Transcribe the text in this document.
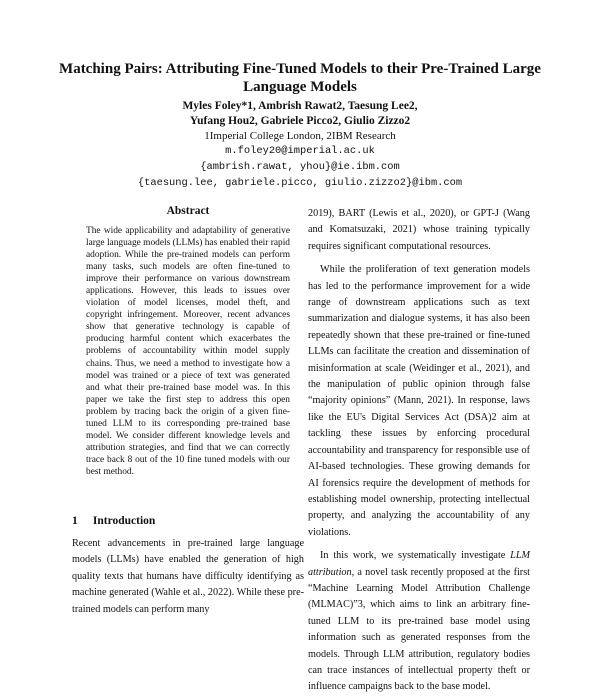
Matching Pairs: Attributing Fine-Tuned Models to their Pre-Trained Large Language Models
Myles Foley*1, Ambrish Rawat2, Taesung Lee2,
Yufang Hou2, Gabriele Picco2, Giulio Zizzo2
1Imperial College London, 2IBM Research
m.foley20@imperial.ac.uk
{ambrish.rawat, yhou}@ie.ibm.com
{taesung.lee, gabriele.picco, giulio.zizzo2}@ibm.com
Abstract
The wide applicability and adaptability of generative large language models (LLMs) has enabled their rapid adoption. While the pre-trained models can perform many tasks, such models are often fine-tuned to improve their performance on various downstream applications. However, this leads to issues over violation of model licenses, model theft, and copyright infringement. Moreover, recent advances show that generative technology is capable of producing harmful content which exacerbates the problems of accountability within model supply chains. Thus, we need a method to investigate how a model was trained or a piece of text was generated and what their pre-trained base model was. In this paper we take the first step to address this open problem by tracing back the origin of a given fine-tuned LLM to its corresponding pre-trained base model. We consider different knowledge levels and attribution strategies, and find that we can correctly trace back 8 out of the 10 fine tuned models with our best method.
1 Introduction

Recent advancements in pre-trained large language models (LLMs) have enabled the generation of high quality texts that humans have difficulty identifying as machine generated (Wahle et al., 2022). While these pre-trained models can perform many

2019), BART (Lewis et al., 2020), or GPT-J (Wang and Komatsuzaki, 2021) whose training typically requires significant computational resources.

While the proliferation of text generation models has led to the performance improvement for a wide range of downstream applications such as text summarization and dialogue systems, it has also been repeatedly shown that these pre-trained or fine-tuned LLMs can facilitate the creation and dissemination of misinformation at scale (Weidinger et al., 2021), and the manipulation of public opinion through false “majority opinions” (Mann, 2021). In response, laws like the EU's Digital Services Act (DSA)2 aim at tackling these issues by enforcing procedural accountability and transparency for responsible use of AI-based technologies. These growing demands for AI forensics require the development of methods for establishing model ownership, protecting intellectual property, and analyzing the accountability of any violations.

In this work, we systematically investigate LLM attribution, a novel task recently proposed at the first “Machine Learning Model Attribution Challenge (MLMAC)”3, which aims to link an arbitrary fine-tuned LLM to its pre-trained base model using information such as generated responses from the models. Through LLM attribution, regulatory bodies can trace instances of intellectual property theft or influence campaigns back to the base model.
